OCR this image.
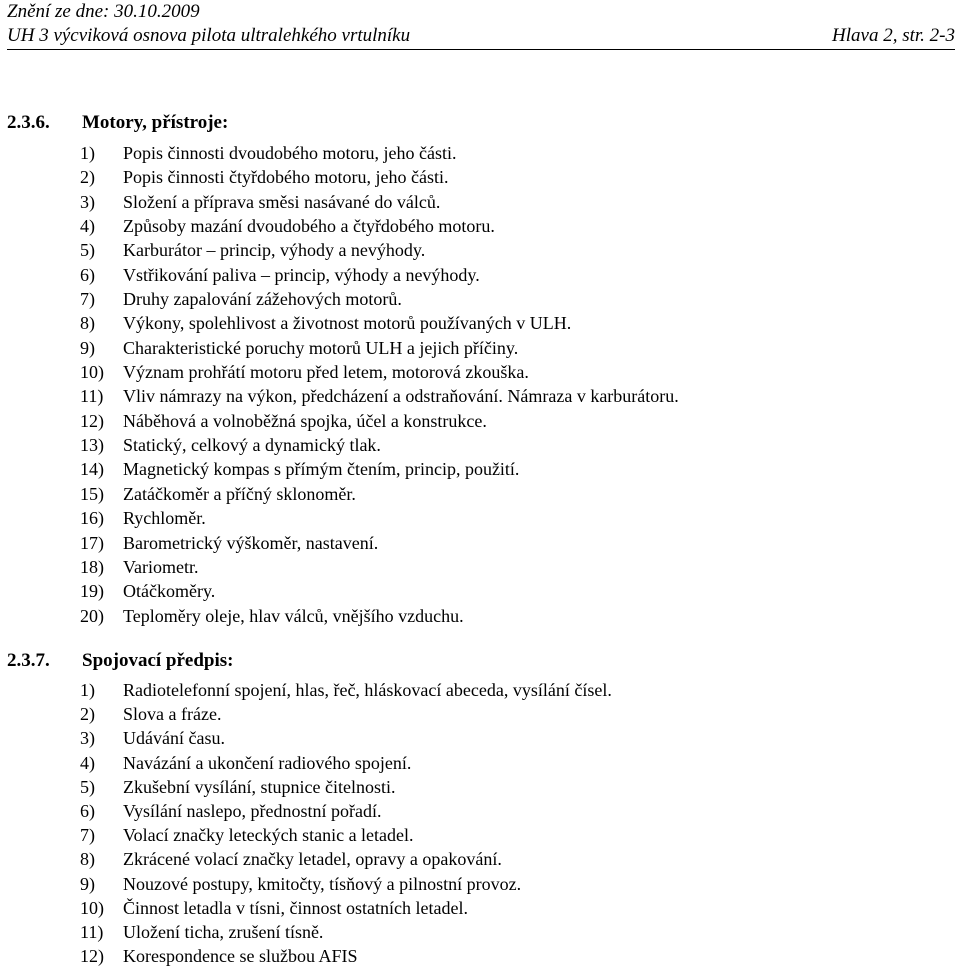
Znění ze dne: 30.10.2009
UH 3 výcviková osnova pilota ultralehkého vrtulníku	Hlava 2, str. 2-3
2.3.6. Motory, přístroje:
1) Popis činnosti dvoudobého motoru, jeho části.
2) Popis činnosti čtyřdobého motoru, jeho části.
3) Složení a příprava směsi nasávané do válců.
4) Způsoby mazání dvoudobého a čtyřdobého motoru.
5) Karburátor – princip, výhody a nevýhody.
6) Vstřikování paliva – princip, výhody a nevýhody.
7) Druhy zapalování zážehových motorů.
8) Výkony, spolehlivost a životnost motorů používaných v ULH.
9) Charakteristické poruchy motorů ULH a jejich příčiny.
10) Význam prohřátí motoru před letem, motorová zkouška.
11) Vliv námrazy na výkon, předcházení a odstraňování. Námraza v karburátoru.
12) Náběhová a volnoběžná spojka, účel a konstrukce.
13) Statický, celkový a dynamický tlak.
14) Magnetický kompas s přímým čtením, princip, použití.
15) Zatáčkoměr a příčný sklonoměr.
16) Rychloměr.
17) Barometrický výškoměr, nastavení.
18) Variometr.
19) Otáčkoměry.
20) Teploměry oleje, hlav válců, vnějšího vzduchu.
2.3.7. Spojovací předpis:
1) Radiotelefonní spojení, hlas, řeč, hláskovací abeceda, vysílání čísel.
2) Slova a fráze.
3) Udávání času.
4) Navázání a ukončení radiového spojení.
5) Zkušební vysílání, stupnice čitelnosti.
6) Vysílání naslepo, přednostní pořadí.
7) Volací značky leteckých stanic a letadel.
8) Zkrácené volací značky letadel, opravy a opakování.
9) Nouzové postupy, kmitočty, tísňový a pilnostní provoz.
10) Činnost letadla v tísni, činnost ostatních letadel.
11) Uložení ticha, zrušení tísně.
12) Korespondence se službou AFIS
